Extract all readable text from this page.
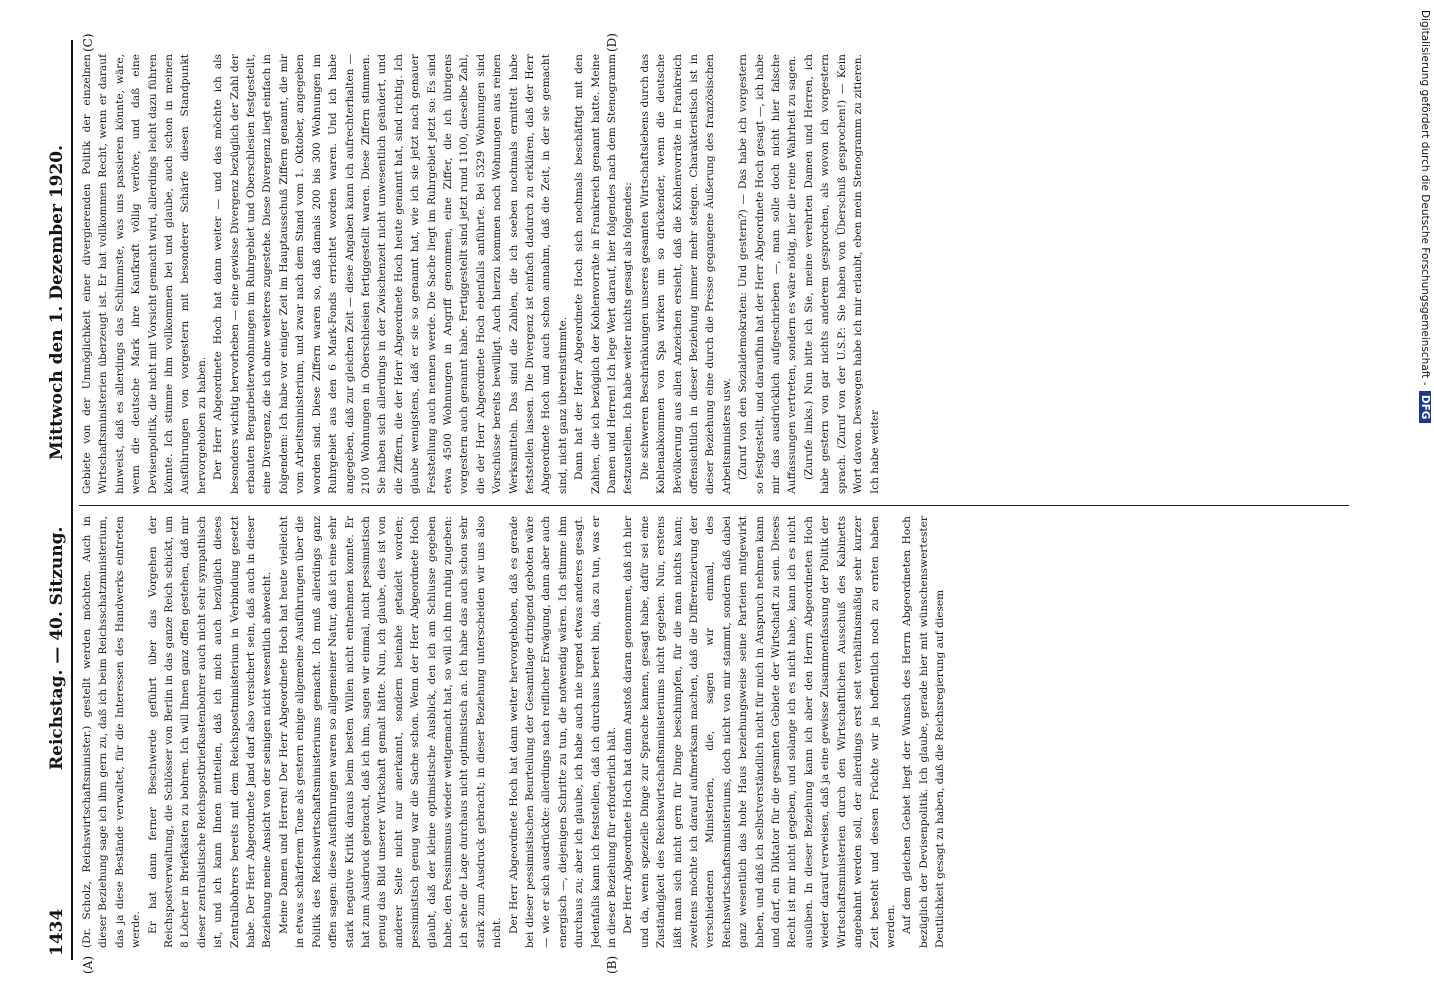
1434
Reichstag. — 40. Sitzung.
Mittwoch den 1. Dezember 1920.
(A)	(B)
(C)	(D)

(Dr. Scholz, Reichswirtschaftsminister.) gestellt werden möchten. Auch in dieser Beziehung sage ich ihm gern zu, daß ich beim Reichsschatzministerium, das ja diese Bestände verwaltet, für die Interessen des Handwerks eintreten werde. Er hat dann ferner Beschwerde geführt über das Vorgehen der Reichspostverwaltung, die Schlösser von Berlin in das ganze Reich schickt, um 8 Löcher in Briefkästen zu bohren. Ich will Ihnen ganz offen gestehen, daß mir dieser zentralistische Reichspostbriefkastenbohrer auch nicht sehr sympathisch ist, und ich kann Ihnen mitteilen, daß ich mich auch bezüglich dieses Zentralbohrers bereits mit dem Reichspostministerium in Verbindung gesetzt habe. Der Herr Abgeordnete Jand darf also versichert sein, daß auch in dieser Beziehung meine Ansicht von der seinigen nicht wesentlich abweicht. Meine Damen und Herren! Der Herr Abgeordnete Hoch hat heute vielleicht in etwas schärferem Tone als gestern einige allgemeine Ausführungen über die Politik des Reichswirtschaftsministeriums gemacht. Ich muß allerdings ganz offen sagen: diese Ausführungen waren so allgemeiner Natur, daß ich eine sehr stark negative Kritik daraus beim besten Willen nicht entnehmen konnte. Er hat zum Ausdruck gebracht, daß ich ihm, sagen wir einmal, nicht pessimistisch genug das Bild unserer Wirtschaft gemalt hätte. Nun, ich glaube, dies ist von anderer Seite nicht nur anerkannt, sondern beinahe getadelt worden; pessimistisch genug war die Sache schon. Wenn der Herr Abgeordnete Hoch glaubt, daß der kleine optimistische Ausblick, den ich am Schlusse gegeben habe, den Pessimismus wieder weitgemacht hat, so will ich ihm ruhig zugeben: ich sehe die Lage durchaus nicht optimistisch an. Ich habe das auch schon sehr stark zum Ausdruck gebracht; in dieser Beziehung unterscheiden wir uns also nicht. Der Herr Abgeordnete Hoch hat dann weiter hervorgehoben, daß es gerade bei dieser pessimistischen Beurteilung der Gesamtlage dringend geboten wäre — wie er sich ausdrückte: allerdings nach reiflicher Erwägung, dann aber auch energisch —, diejenigen Schritte zu tun, die notwendig wären. Ich stimme ihm durchaus zu; aber ich glaube, ich habe auch nie irgend etwas anderes gesagt. Jedenfalls kann ich feststellen, daß ich durchaus bereit bin, das zu tun, was er in dieser Beziehung für erforderlich hält. Der Herr Abgeordnete Hoch hat dann Anstoß daran genommen, daß ich hier und da, wenn spezielle Dinge zur Sprache kamen, gesagt habe, dafür sei eine Zuständigkeit des Reichswirtschaftsministeriums nicht gegeben. Nun, erstens läßt man sich nicht gern für Dinge beschimpfen, für die man nichts kann; zweitens möchte ich darauf aufmerksam machen, daß die Differenzierung der verschiedenen Ministerien, die, sagen wir einmal, des Reichswirtschaftsministeriums, doch nicht von mir stammt, sondern daß dabei ganz wesentlich das hohe Haus beziehungsweise seine Parteien mitgewirkt haben, und daß ich selbstverständlich nicht für mich in Anspruch nehmen kann und darf, ein Diktator für die gesamten Gebiete der Wirtschaft zu sein. Dieses Recht ist mir nicht gegeben, und solange ich es nicht habe, kann ich es nicht ausüben. In dieser Beziehung kann ich aber den Herrn Abgeordneten Hoch wieder darauf verweisen, daß ja eine gewisse Zusammenfassung der Politik der Wirtschaftsministerien durch den Wirtschaftlichen Ausschuß des Kabinetts angebahnt werden soll, der allerdings erst seit verhältnismäßig sehr kurzer Zeit besteht und dessen Früchte wir ja hoffentlich noch zu ernten haben werden. Auf dem gleichen Gebiet liegt der Wunsch des Herrn Abgeordneten Hoch bezüglich der Devisenpolitik. Ich glaube, gerade hier mit wünschenswertester Deutlichkeit gesagt zu haben, daß die Reichsregierung auf diesem

Gebiete von der Unmöglichkeit einer divergierenden Politik der einzelnen Wirtschaftsministerien überzeugt ist. Er hat vollkommen Recht, wenn er darauf hinweist, daß es allerdings das Schlimmste, was uns passieren könnte, wäre, wenn die deutsche Mark ihre Kaufkraft völlig verlöre, und daß eine Devisenpolitik, die nicht mit Vorsicht gemacht wird, allerdings leicht dazu führen könnte. Ich stimme ihm vollkommen bei und glaube, auch schon in meinen Ausführungen von vorgestern mit besonderer Schärfe diesen Standpunkt hervorgehoben zu haben. Der Herr Abgeordnete Hoch hat dann weiter — und das möchte ich als besonders wichtig hervorheben — eine gewisse Divergenz bezüglich der Zahl der erbauten Bergarbeiterwohnungen im Ruhrgebiet und Oberschlesien festgestellt, eine Divergenz, die ich ohne weiteres zugestehe. Diese Divergenz liegt einfach in folgendem: Ich habe vor einiger Zeit im Hauptausschuß Ziffern genannt, die mir vom Arbeitsministerium, und zwar nach dem Stand vom 1. Oktober, angegeben worden sind. Diese Ziffern waren so, daß damals 200 bis 300 Wohnungen im Ruhrgebiet aus den 6 Mark-Fonds errichtet worden waren. Und ich habe angegeben, daß zur gleichen Zeit — diese Angaben kann ich aufrechterhalten — 2100 Wohnungen in Oberschlesien fertiggestellt waren. Diese Ziffern stimmen. Sie haben sich allerdings in der Zwischenzeit nicht unwesentlich geändert, und die Ziffern, die der Herr Abgeordnete Hoch heute genannt hat, sind richtig. Ich glaube wenigstens, daß er sie so genannt hat, wie ich sie jetzt nach genauer Feststellung auch nennen werde. Die Sache liegt im Ruhrgebiet jetzt so: Es sind etwa 4500 Wohnungen in Angriff genommen, eine Ziffer, die ich übrigens vorgestern auch genannt habe. Fertiggestellt sind jetzt rund 1100, dieselbe Zahl, die der Herr Abgeordnete Hoch ebenfalls anführte. Bei 5329 Wohnungen sind Vorschüsse bereits bewilligt. Auch hierzu kommen noch Wohnungen aus reinen Werksmitteln. Das sind die Zahlen, die ich soeben nochmals ermittelt habe feststellen lassen. Die Divergenz ist einfach dadurch zu erklären, daß der Herr Abgeordnete Hoch und auch schon annahm, daß die Zeit, in der sie gemacht sind, nicht ganz übereinstimmte. Dann hat der Herr Abgeordnete Hoch sich nochmals beschäftigt mit den Zahlen, die ich bezüglich der Kohlenvorräte in Frankreich genannt hatte. Meine Damen und Herren! Ich lege Wert darauf, hier folgendes nach dem Stenogramm festzustellen. Ich habe weiter nichts gesagt als folgendes: Die schweren Beschränkungen unseres gesamten Wirtschaftslebens durch das Kohlenabkommen von Spa wirken um so drückender, wenn die deutsche Bevölkerung aus allen Anzeichen ersieht, daß die Kohlenvorräte in Frankreich offensichtlich in dieser Beziehung immer mehr steigen. Charakteristisch ist in dieser Beziehung eine durch die Presse gegangene Äußerung des französischen Arbeitsministers usw. (Zuruf von den Sozialdemokraten: Und gestern?) — Das habe ich vorgestern so festgestellt, und daraufhin hat der Herr Abgeordnete Hoch gesagt —, ich habe mir das ausdrücklich aufgeschrieben —, man solle doch nicht hier falsche Auffassungen vertreten, sondern es wäre nötig, hier die reine Wahrheit zu sagen. (Zurufe links.) Nun bitte ich Sie, meine verehrten Damen und Herren, ich habe gestern von gar nichts anderem gesprochen, als wovon ich vorgestern sprach. (Zuruf von der U.S.P.: Sie haben von Überschuß gesprochen!) — Kein Wort davon. Deswegen habe ich mir erlaubt, eben mein Stenogramm zu zitieren. Ich habe weiter

Digitalisierung gefördert durch die Deutsche Forschungsgemeinschaft - DFG
